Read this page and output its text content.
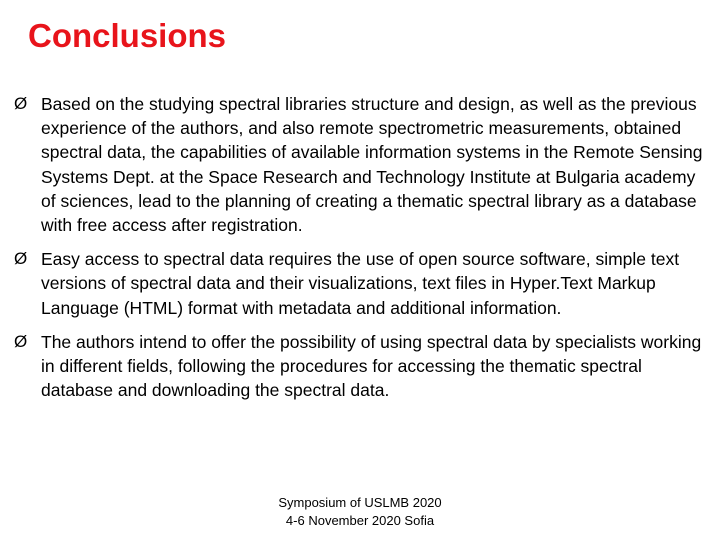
Conclusions
Ø Based on the studying spectral libraries structure and design, as well as the previous experience of the authors, and also remote spectrometric measurements, obtained spectral data, the capabilities of available information systems in the Remote Sensing Systems Dept. at the Space Research and Technology Institute at Bulgaria academy of sciences, lead to the planning of creating a thematic spectral library as a database with free access after registration.
Ø Easy access to spectral data requires the use of open source software, simple text versions of spectral data and their visualizations, text files in Hyper.Text Markup Language (HTML) format with metadata and additional information.
Ø The authors intend to offer the possibility of using spectral data by specialists working in different fields, following the procedures for accessing the thematic spectral database and downloading the spectral data.
Symposium of USLMB 2020
4-6 November 2020 Sofia
